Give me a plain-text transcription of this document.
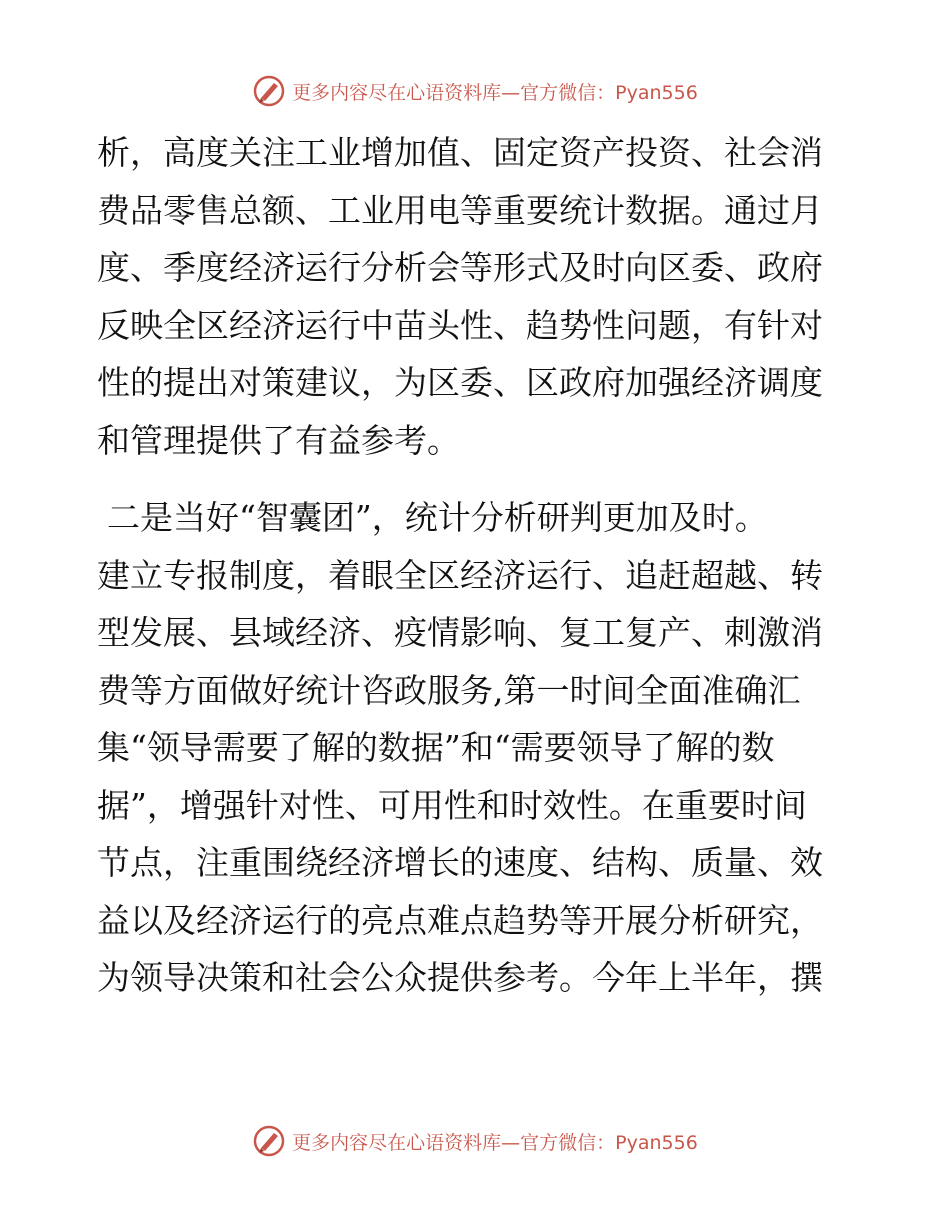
更多内容尽在心语资料库—官方微信：Pyan556
析，高度关注工业增加值、固定资产投资、社会消
费品零售总额、工业用电等重要统计数据。通过月
度、季度经济运行分析会等形式及时向区委、政府
反映全区经济运行中苗头性、趋势性问题，有针对
性的提出对策建议，为区委、区政府加强经济调度
和管理提供了有益参考。
二是当好“智囊团”，统计分析研判更加及时。
建立专报制度，着眼全区经济运行、追赶超越、转
型发展、县域经济、疫情影响、复工复产、刺激消
费等方面做好统计咨政服务,第一时间全面准确汇
集“领导需要了解的数据”和“需要领导了解的数
据”，增强针对性、可用性和时效性。在重要时间
节点，注重围绕经济增长的速度、结构、质量、效
益以及经济运行的亮点难点趋势等开展分析研究，
为领导决策和社会公众提供参考。今年上半年，撰
更多内容尽在心语资料库—官方微信：Pyan556
